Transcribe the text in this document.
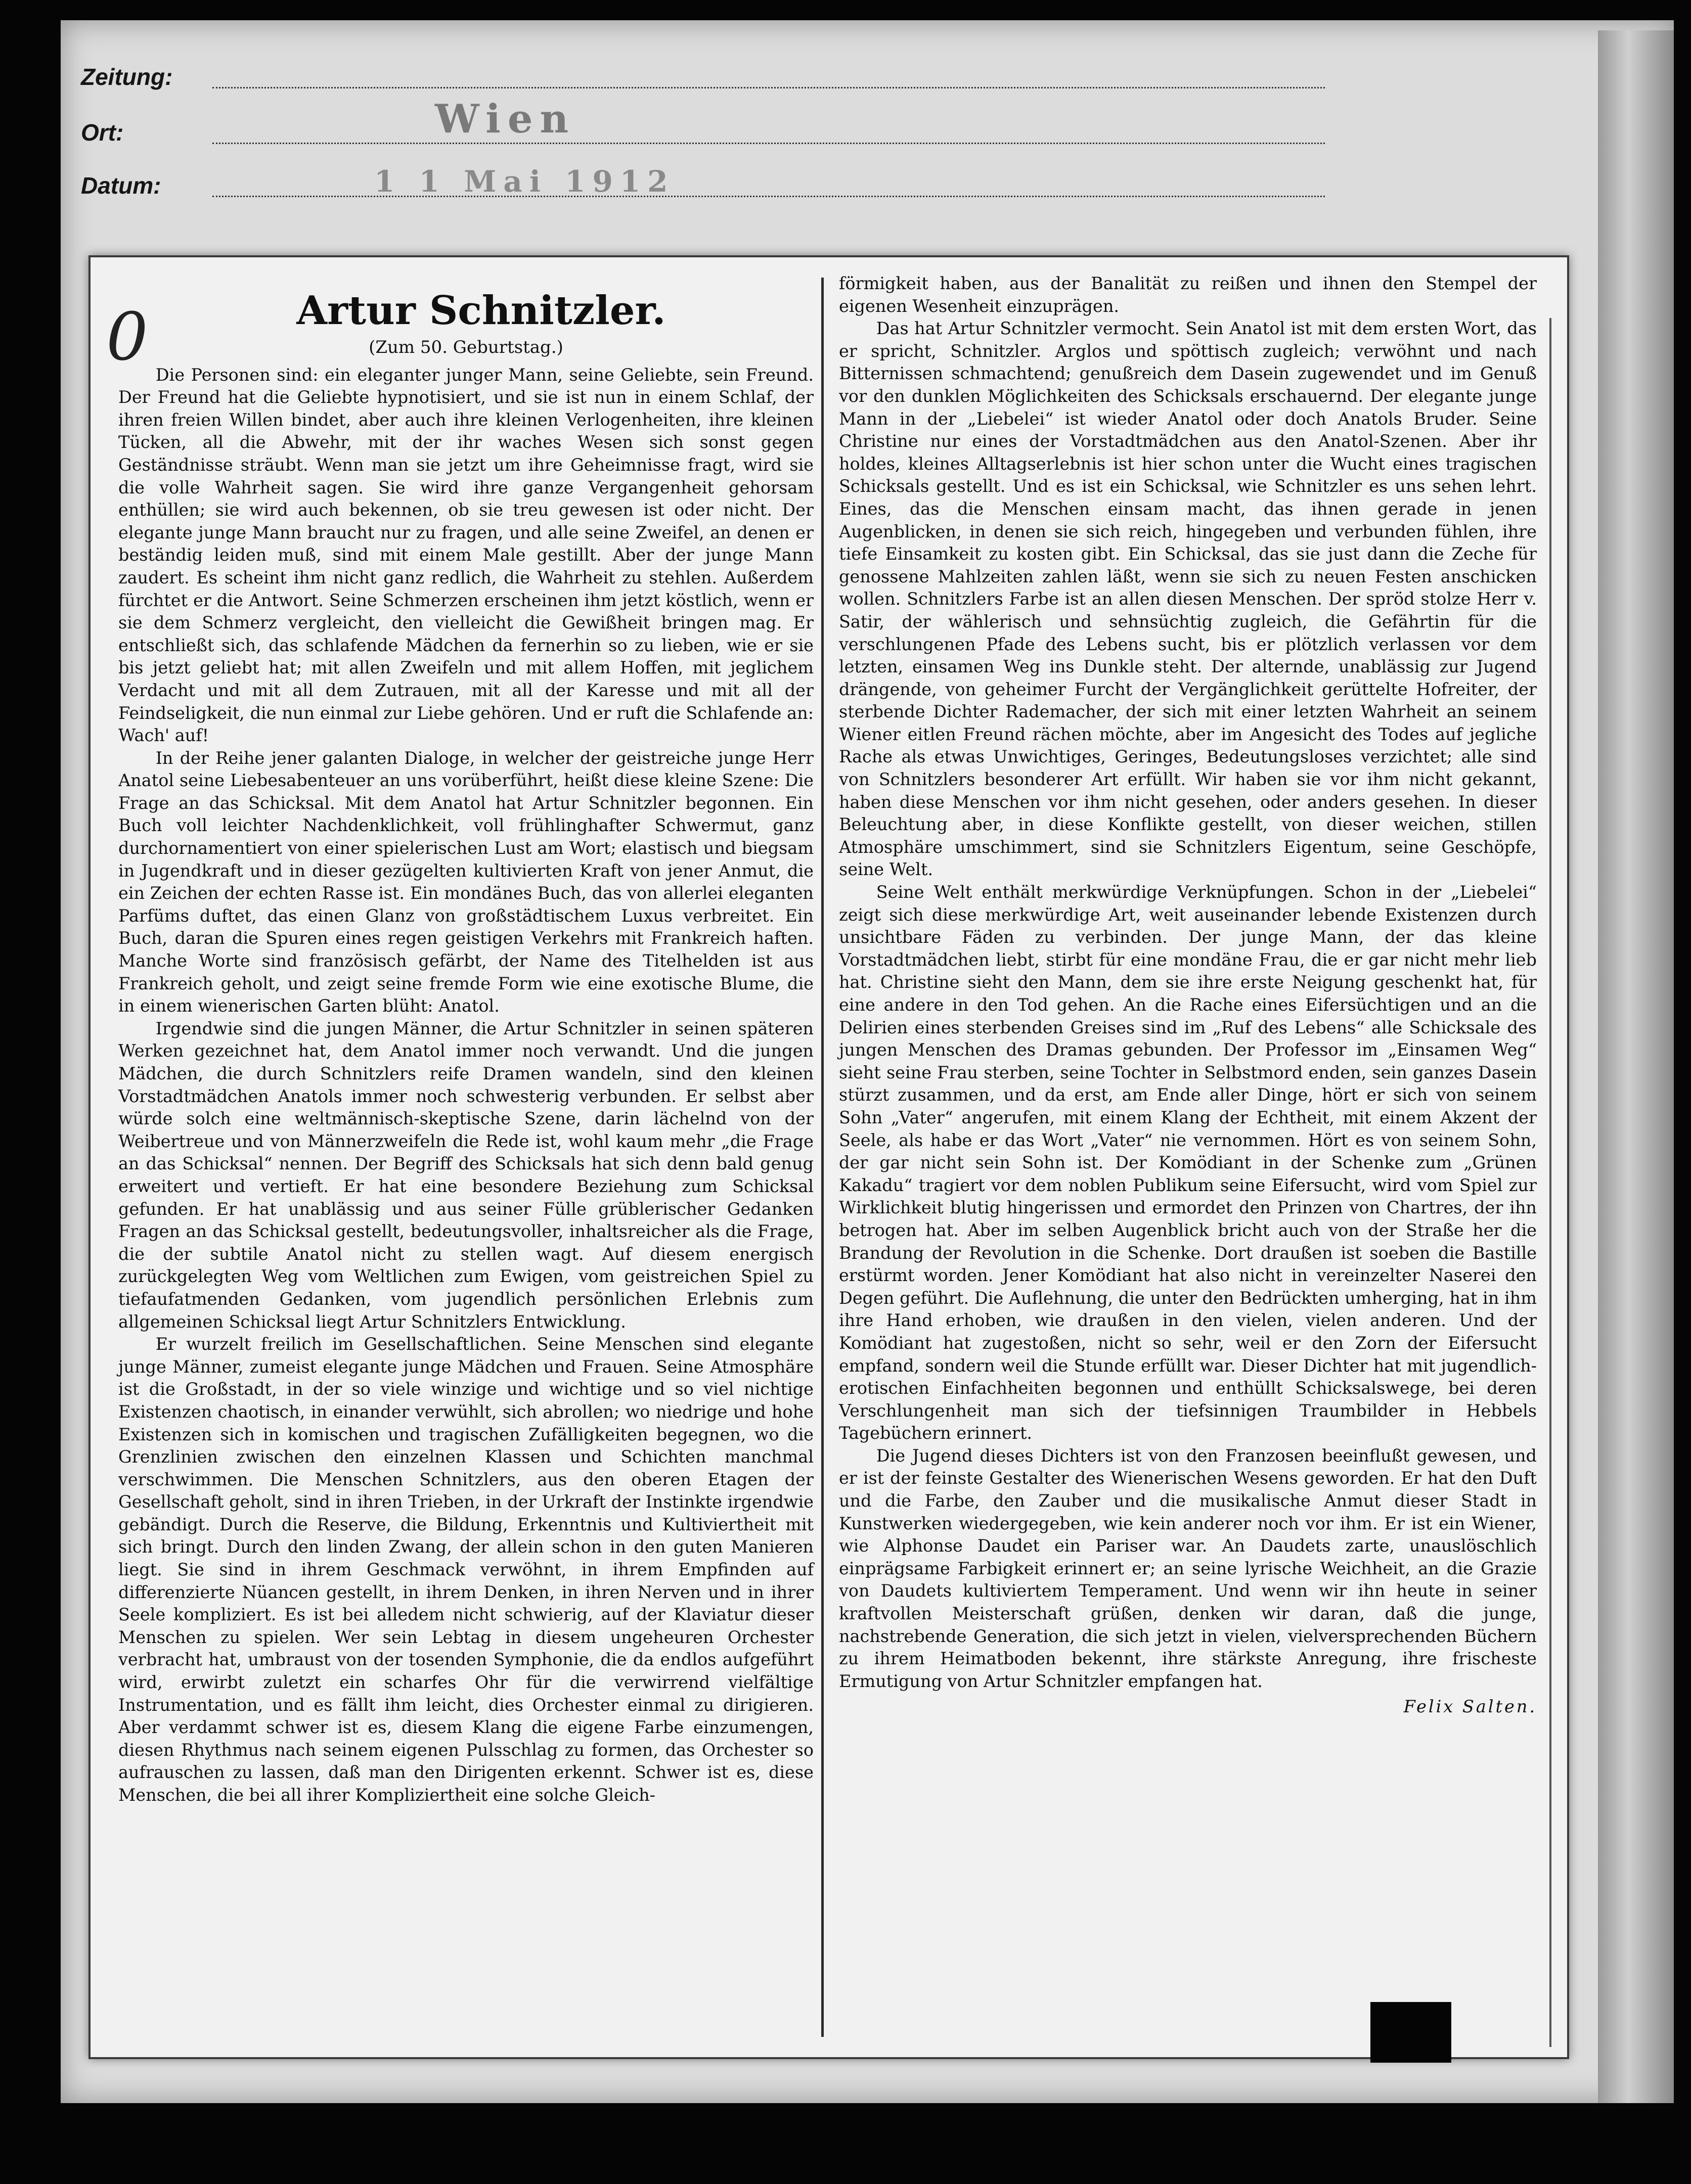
Zeitung:
Ort:	Wien
Datum:	1 1 Mai 1912
Artur Schnitzler.
(Zum 50. Geburtstag.)

Die Personen sind: ein eleganter junger Mann, seine Geliebte, sein Freund. Der Freund hat die Geliebte hypnotisiert, und sie ist nun in einem Schlaf, der ihren freien Willen bindet, aber auch ihre kleinen Verlogenheiten, ihre kleinen Tücken, all die Abwehr, mit der ihr waches Wesen sich sonst gegen Geständnisse sträubt. Wenn man sie jetzt um ihre Geheimnisse fragt, wird sie die volle Wahrheit sagen. Sie wird ihre ganze Vergangenheit gehorsam enthüllen; sie wird auch bekennen, ob sie treu gewesen ist oder nicht. Der elegante junge Mann braucht nur zu fragen, und alle seine Zweifel, an denen er beständig leiden muß, sind mit einem Male gestillt. Aber der junge Mann zaudert. Es scheint ihm nicht ganz redlich, die Wahrheit zu stehlen. Außerdem fürchtet er die Antwort. Seine Schmerzen erscheinen ihm jetzt köstlich, wenn er sie dem Schmerz vergleicht, den vielleicht die Gewißheit bringen mag. Er entschließt sich, das schlafende Mädchen da fernerhin so zu lieben, wie er sie bis jetzt geliebt hat; mit allen Zweifeln und mit allem Hoffen, mit jeglichem Verdacht und mit all dem Zutrauen, mit all der Karesse und mit all der Feindseligkeit, die nun einmal zur Liebe gehören. Und er ruft die Schlafende an: Wach' auf!

In der Reihe jener galanten Dialoge, in welcher der geistreiche junge Herr Anatol seine Liebesabenteuer an uns vorüberführt, heißt diese kleine Szene: Die Frage an das Schicksal. Mit dem Anatol hat Artur Schnitzler begonnen. Ein Buch voll leichter Nachdenklichkeit, voll frühlinghafter Schwermut, ganz durchornamentiert von einer spielerischen Lust am Wort; elastisch und biegsam in Jugendkraft und in dieser gezügelten kultivierten Kraft von jener Anmut, die ein Zeichen der echten Rasse ist. Ein mondänes Buch, das von allerlei eleganten Parfüms duftet, das einen Glanz von großstädtischem Luxus verbreitet. Ein Buch, daran die Spuren eines regen geistigen Verkehrs mit Frankreich haften. Manche Worte sind französisch gefärbt, der Name des Titelhelden ist aus Frankreich geholt, und zeigt seine fremde Form wie eine exotische Blume, die in einem wienerischen Garten blüht: Anatol.

Irgendwie sind die jungen Männer, die Artur Schnitzler in seinen späteren Werken gezeichnet hat, dem Anatol immer noch verwandt. Und die jungen Mädchen, die durch Schnitzlers reife Dramen wandeln, sind den kleinen Vorstadtmädchen Anatols immer noch schwesterig verbunden. Er selbst aber würde solch eine weltmännisch-skeptische Szene, darin lächelnd von der Weibertreue und von Männerzweifeln die Rede ist, wohl kaum mehr „die Frage an das Schicksal“ nennen. Der Begriff des Schicksals hat sich denn bald genug erweitert und vertieft. Er hat eine besondere Beziehung zum Schicksal gefunden. Er hat unablässig und aus seiner Fülle grüblerischer Gedanken Fragen an das Schicksal gestellt, bedeutungsvoller, inhaltsreicher als die Frage, die der subtile Anatol nicht zu stellen wagt. Auf diesem energisch zurückgelegten Weg vom Weltlichen zum Ewigen, vom geistreichen Spiel zu tiefaufatmenden Gedanken, vom jugendlich persönlichen Erlebnis zum allgemeinen Schicksal liegt Artur Schnitzlers Entwicklung.

Er wurzelt freilich im Gesellschaftlichen. Seine Menschen sind elegante junge Männer, zumeist elegante junge Mädchen und Frauen. Seine Atmosphäre ist die Großstadt, in der so viele winzige und wichtige und so viel nichtige Existenzen chaotisch, in einander verwühlt, sich abrollen; wo niedrige und hohe Existenzen sich in komischen und tragischen Zufälligkeiten begegnen, wo die Grenzlinien zwischen den einzelnen Klassen und Schichten manchmal verschwimmen. Die Menschen Schnitzlers, aus den oberen Etagen der Gesellschaft geholt, sind in ihren Trieben, in der Urkraft der Instinkte irgendwie gebändigt. Durch die Reserve, die Bildung, Erkenntnis und Kultiviertheit mit sich bringt. Durch den linden Zwang, der allein schon in den guten Manieren liegt. Sie sind in ihrem Geschmack verwöhnt, in ihrem Empfinden auf differenzierte Nüancen gestellt, in ihrem Denken, in ihren Nerven und in ihrer Seele kompliziert. Es ist bei alledem nicht schwierig, auf der Klaviatur dieser Menschen zu spielen. Wer sein Lebtag in diesem ungeheuren Orchester verbracht hat, umbraust von der tosenden Symphonie, die da endlos aufgeführt wird, erwirbt zuletzt ein scharfes Ohr für die verwirrend vielfältige Instrumentation, und es fällt ihm leicht, dies Orchester einmal zu dirigieren. Aber verdammt schwer ist es, diesem Klang die eigene Farbe einzumengen, diesen Rhythmus nach seinem eigenen Pulsschlag zu formen, das Orchester so aufrauschen zu lassen, daß man den Dirigenten erkennt. Schwer ist es, diese Menschen, die bei all ihrer Kompliziertheit eine solche Gleich-

förmigkeit haben, aus der Banalität zu reißen und ihnen den Stempel der eigenen Wesenheit einzuprägen.

Das hat Artur Schnitzler vermocht. Sein Anatol ist mit dem ersten Wort, das er spricht, Schnitzler. Arglos und spöttisch zugleich; verwöhnt und nach Bitternissen schmachtend; genußreich dem Dasein zugewendet und im Genuß vor den dunklen Möglichkeiten des Schicksals erschauernd. Der elegante junge Mann in der „Liebelei“ ist wieder Anatol oder doch Anatols Bruder. Seine Christine nur eines der Vorstadtmädchen aus den Anatol-Szenen. Aber ihr holdes, kleines Alltagserlebnis ist hier schon unter die Wucht eines tragischen Schicksals gestellt. Und es ist ein Schicksal, wie Schnitzler es uns sehen lehrt. Eines, das die Menschen einsam macht, das ihnen gerade in jenen Augenblicken, in denen sie sich reich, hingegeben und verbunden fühlen, ihre tiefe Einsamkeit zu kosten gibt. Ein Schicksal, das sie just dann die Zeche für genossene Mahlzeiten zahlen läßt, wenn sie sich zu neuen Festen anschicken wollen. Schnitzlers Farbe ist an allen diesen Menschen. Der spröd stolze Herr v. Satir, der wählerisch und sehnsüchtig zugleich, die Gefährtin für die verschlungenen Pfade des Lebens sucht, bis er plötzlich verlassen vor dem letzten, einsamen Weg ins Dunkle steht. Der alternde, unablässig zur Jugend drängende, von geheimer Furcht der Vergänglichkeit gerüttelte Hofreiter, der sterbende Dichter Rademacher, der sich mit einer letzten Wahrheit an seinem Wiener eitlen Freund rächen möchte, aber im Angesicht des Todes auf jegliche Rache als etwas Unwichtiges, Geringes, Bedeutungsloses verzichtet; alle sind von Schnitzlers besonderer Art erfüllt. Wir haben sie vor ihm nicht gekannt, haben diese Menschen vor ihm nicht gesehen, oder anders gesehen. In dieser Beleuchtung aber, in diese Konflikte gestellt, von dieser weichen, stillen Atmosphäre umschimmert, sind sie Schnitzlers Eigentum, seine Geschöpfe, seine Welt.

Seine Welt enthält merkwürdige Verknüpfungen. Schon in der „Liebelei“ zeigt sich diese merkwürdige Art, weit auseinander lebende Existenzen durch unsichtbare Fäden zu verbinden. Der junge Mann, der das kleine Vorstadtmädchen liebt, stirbt für eine mondäne Frau, die er gar nicht mehr lieb hat. Christine sieht den Mann, dem sie ihre erste Neigung geschenkt hat, für eine andere in den Tod gehen. An die Rache eines Eifersüchtigen und an die Delirien eines sterbenden Greises sind im „Ruf des Lebens“ alle Schicksale des jungen Menschen des Dramas gebunden. Der Professor im „Einsamen Weg“ sieht seine Frau sterben, seine Tochter in Selbstmord enden, sein ganzes Dasein stürzt zusammen, und da erst, am Ende aller Dinge, hört er sich von seinem Sohn „Vater“ angerufen, mit einem Klang der Echtheit, mit einem Akzent der Seele, als habe er das Wort „Vater“ nie vernommen. Hört es von seinem Sohn, der gar nicht sein Sohn ist. Der Komödiant in der Schenke zum „Grünen Kakadu“ tragiert vor dem noblen Publikum seine Eifersucht, wird vom Spiel zur Wirklichkeit blutig hingerissen und ermordet den Prinzen von Chartres, der ihn betrogen hat. Aber im selben Augenblick bricht auch von der Straße her die Brandung der Revolution in die Schenke. Dort draußen ist soeben die Bastille erstürmt worden. Jener Komödiant hat also nicht in vereinzelter Naserei den Degen geführt. Die Auflehnung, die unter den Bedrückten umherging, hat in ihm ihre Hand erhoben, wie draußen in den vielen, vielen anderen. Und der Komödiant hat zugestoßen, nicht so sehr, weil er den Zorn der Eifersucht empfand, sondern weil die Stunde erfüllt war. Dieser Dichter hat mit jugendlich-erotischen Einfachheiten begonnen und enthüllt Schicksalswege, bei deren Verschlungenheit man sich der tiefsinnigen Traumbilder in Hebbels Tagebüchern erinnert.

Die Jugend dieses Dichters ist von den Franzosen beeinflußt gewesen, und er ist der feinste Gestalter des Wienerischen Wesens geworden. Er hat den Duft und die Farbe, den Zauber und die musikalische Anmut dieser Stadt in Kunstwerken wiedergegeben, wie kein anderer noch vor ihm. Er ist ein Wiener, wie Alphonse Daudet ein Pariser war. An Daudets zarte, unauslöschlich einprägsame Farbigkeit erinnert er; an seine lyrische Weichheit, an die Grazie von Daudets kultiviertem Temperament. Und wenn wir ihn heute in seiner kraftvollen Meisterschaft grüßen, denken wir daran, daß die junge, nachstrebende Generation, die sich jetzt in vielen, vielversprechenden Büchern zu ihrem Heimatboden bekennt, ihre stärkste Anregung, ihre frischeste Ermutigung von Artur Schnitzler empfangen hat.

Felix Salten.
0
